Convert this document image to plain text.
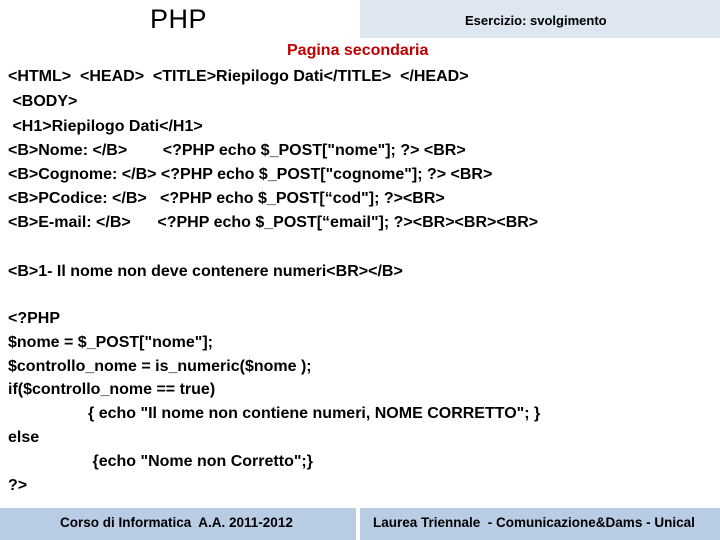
PHP	Esercizio: svolgimento
Pagina secondaria
<HTML>  <HEAD>  <TITLE>Riepilogo Dati</TITLE>  </HEAD>
<BODY>
<H1>Riepilogo Dati</H1>
<B>Nome: </B>        <?PHP echo $_POST["nome"]; ?> <BR>
<B>Cognome: </B> <?PHP echo $_POST["cognome"]; ?> <BR>
<B>PCodice: </B>   <?PHP echo $_POST[“cod"]; ?><BR>
<B>E-mail: </B>      <?PHP echo $_POST[“email"]; ?><BR><BR><BR>
<B>1- Il nome non deve contenere numeri<BR></B>
<?PHP
$nome = $_POST["nome"];
$controllo_nome = is_numeric($nome );
if($controllo_nome == true)
{ echo "Il nome non contiene numeri, NOME CORRETTO"; }
else
{echo "Nome non Corretto";}
?>
Corso di Informatica  A.A. 2011-2012	Laurea Triennale  - Comunicazione&Dams - Unical
